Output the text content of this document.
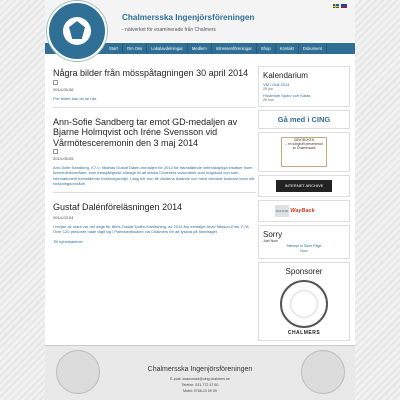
Chalmersska Ingenjörsföreningen
- nätverket för examinerade från Chalmers
Start	Om Oss	Lokalavdelningar	Medlem	Intressenföreningar	Shop	Kontakt	Dokument
Några bilder från mösspåtagningen 30 april 2014
2014-05-06
Fler bilder kan du se här.
Ann-Sofie Sandberg tar emot GD-medaljen av Bjarne Holmqvist och Iréne Svensson vid Vårmötesceremonin den 3 maj 2014
2014-05-05
Ann-Sofie Sandberg, K7.0, tilldelas Gustaf Dalén-medaljen för 2014 för framstående vetenskapliga insatser inom livsmedelsområdet, som framgångsrikt bidragit till att stärka Chalmers varumärke som högskola och som internationellt framstående forskningsmiljö. I dag hör hon till världens ledande och mest citerade forskare inom sitt forskningsområde.
Gustaf Dalénföreläsningen 2014
2014-03-04
I början av mars var det dags för årets Gustaf Dalén-föreläsning, av 2013 års medaljör Arvid Nilsson-Ehle, F7A. Över 120 personer hade tagit sig i Palmstedtssalen vid Chalmers för att lyssna på föredraget
Till nyhetsarkivet
Kalendarium
VM i Golf 2014
25 jun
Höstmöte Sparv och Kalas
26 nov
Gå med i CING
SÅNGBOKEN
– en sånghäft presenterad
av Chalmersska
INTERNET ARCHIVE
DONATE WayBack
Sorry
Just Now
Attempt to Save Page
Now
Sponsorer
CHALMERS
Chalmersska Ingenjörsföreningen
E-post: avancerad@cing.chalmers.se
Telefon: 031-772 47 60
Mobil: 0766-10 09 09
